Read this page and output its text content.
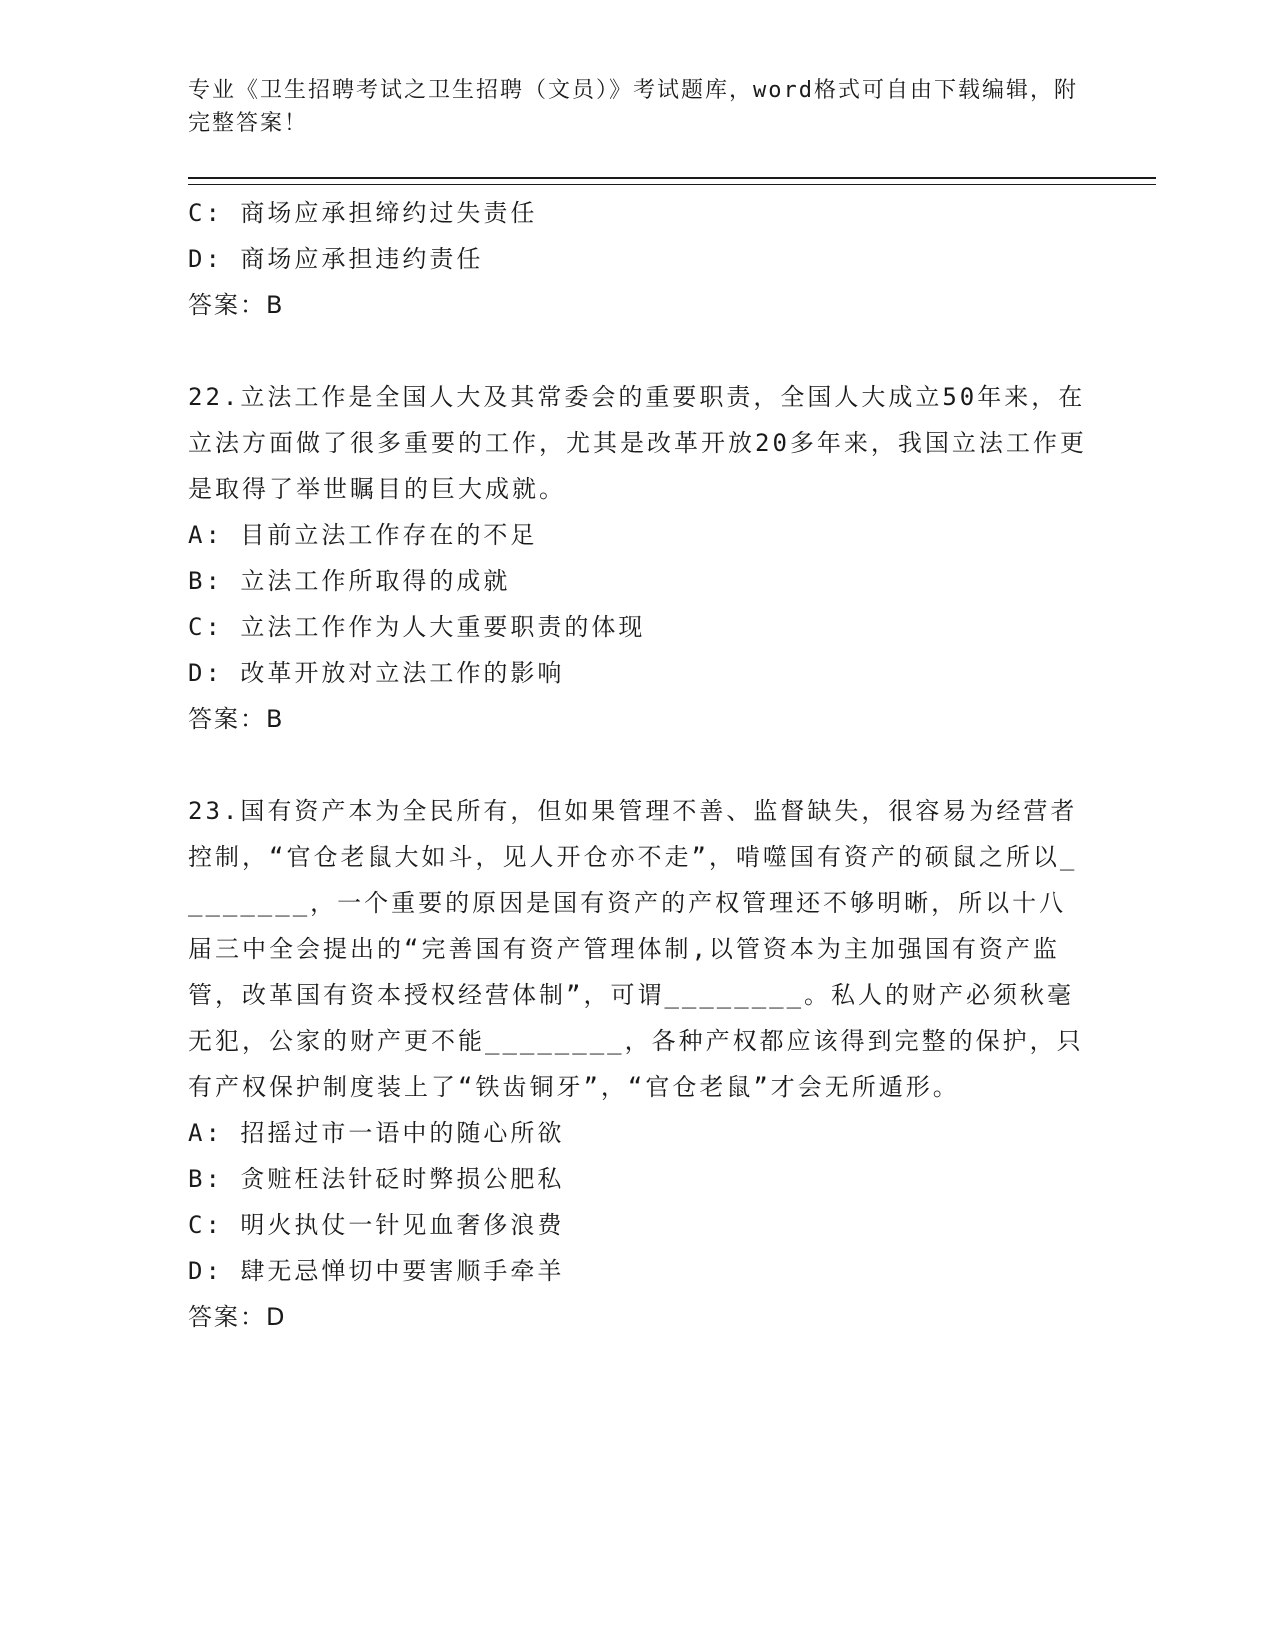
专业《卫生招聘考试之卫生招聘（文员）》考试题库，word格式可自由下载编辑，附完整答案！

C: 商场应承担缔约过失责任

D: 商场应承担违约责任

答案：B

22.立法工作是全国人大及其常委会的重要职责，全国人大成立50年来，在立法方面做了很多重要的工作，尤其是改革开放20多年来，我国立法工作更是取得了举世瞩目的巨大成就。

A: 目前立法工作存在的不足

B: 立法工作所取得的成就

C: 立法工作作为人大重要职责的体现

D: 改革开放对立法工作的影响

答案：B

23.国有资产本为全民所有，但如果管理不善、监督缺失，很容易为经营者控制，“官仓老鼠大如斗，见人开仓亦不走”，啃噬国有资产的硕鼠之所以________，一个重要的原因是国有资产的产权管理还不够明晰，所以十八届三中全会提出的“完善国有资产管理体制,以管资本为主加强国有资产监管，改革国有资本授权经营体制”，可谓________。私人的财产必须秋毫无犯，公家的财产更不能________，各种产权都应该得到完整的保护，只有产权保护制度装上了“铁齿铜牙”，“官仓老鼠”才会无所遁形。

A: 招摇过市一语中的随心所欲

B: 贪赃枉法针砭时弊损公肥私

C: 明火执仗一针见血奢侈浪费

D: 肆无忌惮切中要害顺手牵羊

答案：D
